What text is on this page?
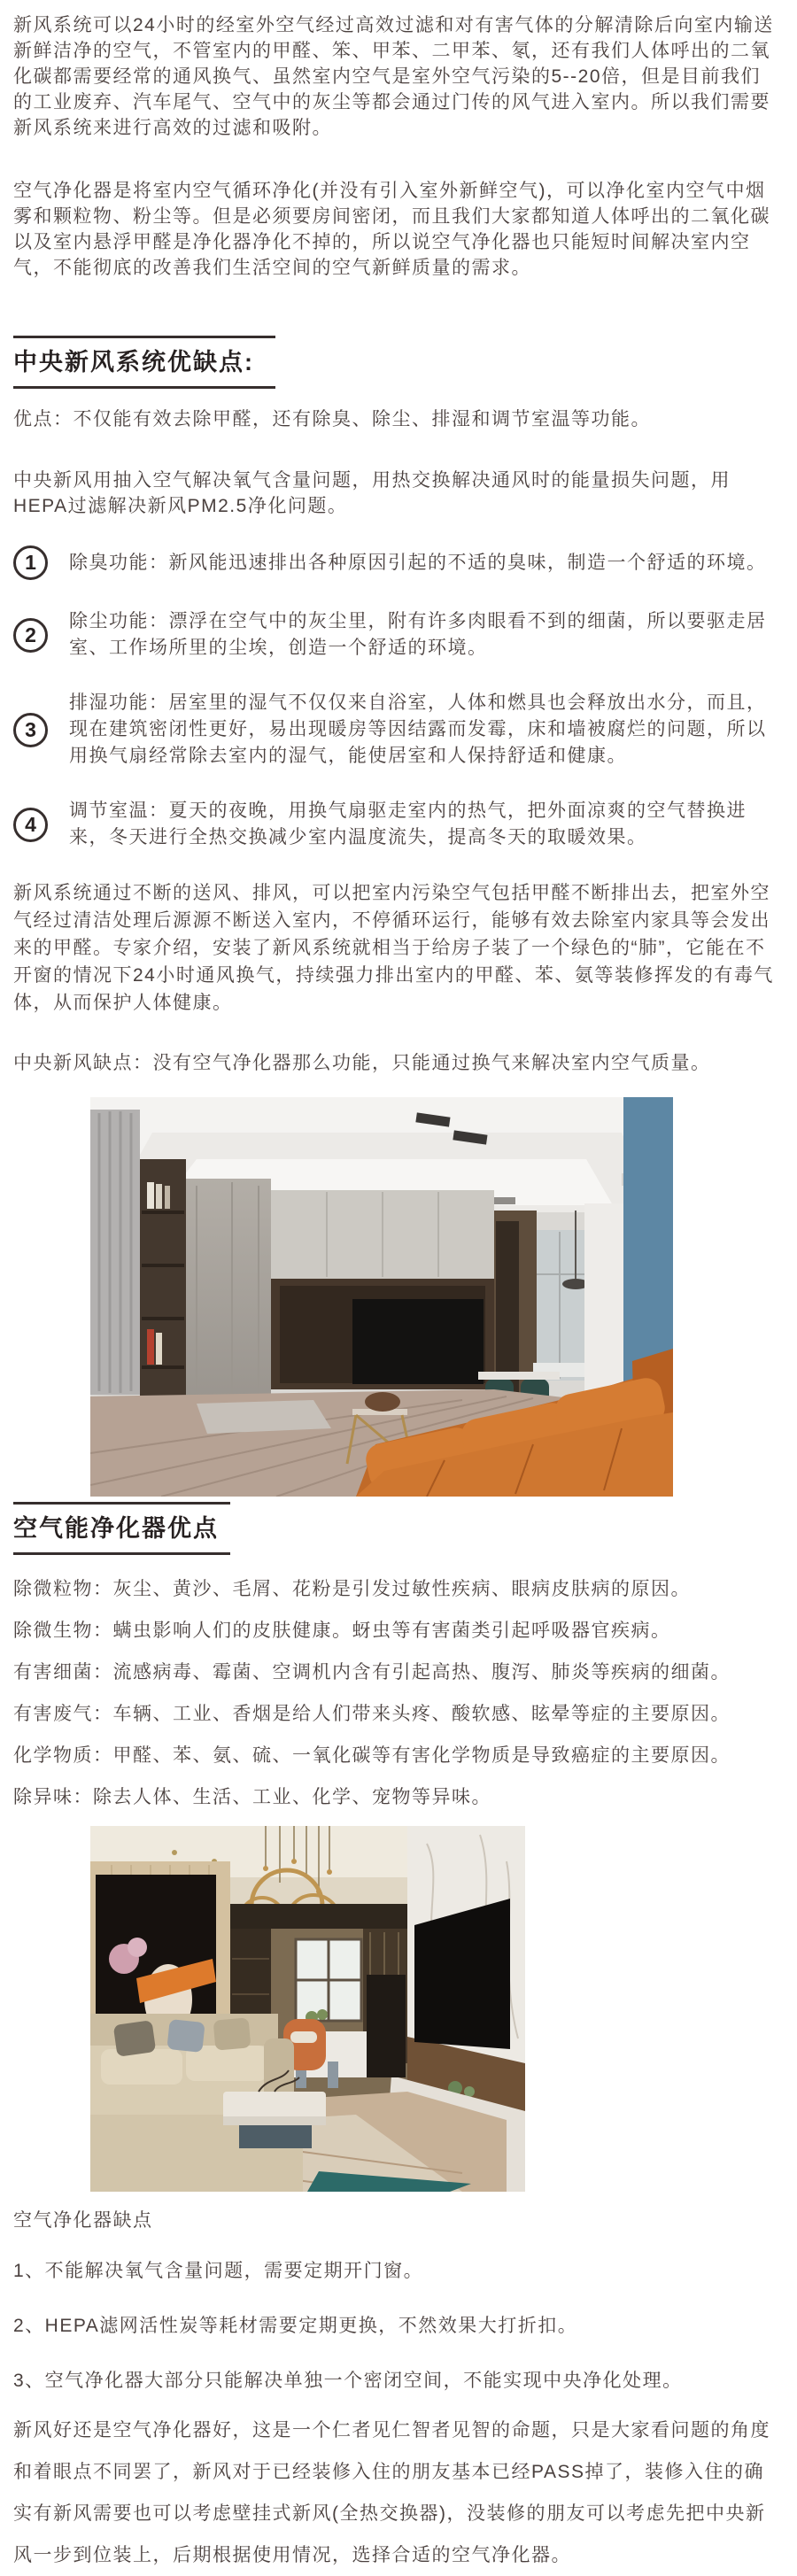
新风系统可以24小时的经室外空气经过高效过滤和对有害气体的分解清除后向室内输送新鲜洁净的空气，不管室内的甲醛、笨、甲苯、二甲苯、氡，还有我们人体呼出的二氧化碳都需要经常的通风换气、虽然室内空气是室外空气污染的5--20倍，但是目前我们的工业废弃、汽车尾气、空气中的灰尘等都会通过门传的风气进入室内。所以我们需要新风系统来进行高效的过滤和吸附。

空气净化器是将室内空气循环净化(并没有引入室外新鲜空气)，可以净化室内空气中烟雾和颗粒物、粉尘等。但是必须要房间密闭，而且我们大家都知道人体呼出的二氧化碳以及室内悬浮甲醛是净化器净化不掉的，所以说空气净化器也只能短时间解决室内空气，不能彻底的改善我们生活空间的空气新鲜质量的需求。

中央新风系统优缺点:

优点：不仅能有效去除甲醛，还有除臭、除尘、排湿和调节室温等功能。

中央新风用抽入空气解决氧气含量问题，用热交换解决通风时的能量损失问题，用HEPA过滤解决新风PM2.5净化问题。

1	除臭功能：新风能迅速排出各种原因引起的不适的臭味，制造一个舒适的环境。
2
除尘功能：漂浮在空气中的灰尘里，附有许多肉眼看不到的细菌，所以要驱走居室、工作场所里的尘埃，创造一个舒适的环境。
3
排湿功能：居室里的湿气不仅仅来自浴室，人体和燃具也会释放出水分，而且，现在建筑密闭性更好，易出现暖房等因结露而发霉，床和墙被腐烂的问题，所以用换气扇经常除去室内的湿气，能使居室和人保持舒适和健康。
4
调节室温：夏天的夜晚，用换气扇驱走室内的热气，把外面凉爽的空气替换进来，冬天进行全热交换减少室内温度流失，提高冬天的取暖效果。

新风系统通过不断的送风、排风，可以把室内污染空气包括甲醛不断排出去，把室外空气经过清洁处理后源源不断送入室内，不停循环运行，能够有效去除室内家具等会发出来的甲醛。专家介绍，安装了新风系统就相当于给房子装了一个绿色的“肺”，它能在不开窗的情况下24小时通风换气，持续强力排出室内的甲醛、苯、氨等装修挥发的有毒气体，从而保护人体健康。

中央新风缺点：没有空气净化器那么功能，只能通过换气来解决室内空气质量。

空气能净化器优点

除微粒物：灰尘、黄沙、毛屑、花粉是引发过敏性疾病、眼病皮肤病的原因。

除微生物：螨虫影响人们的皮肤健康。蚜虫等有害菌类引起呼吸器官疾病。

有害细菌：流感病毒、霉菌、空调机内含有引起高热、腹泻、肺炎等疾病的细菌。

有害废气：车辆、工业、香烟是给人们带来头疼、酸软感、眩晕等症的主要原因。

化学物质：甲醛、苯、氨、硫、一氧化碳等有害化学物质是导致癌症的主要原因。

除异味：除去人体、生活、工业、化学、宠物等异味。

空气净化器缺点

1、不能解决氧气含量问题，需要定期开门窗。

2、HEPA滤网活性炭等耗材需要定期更换，不然效果大打折扣。

3、空气净化器大部分只能解决单独一个密闭空间，不能实现中央净化处理。

新风好还是空气净化器好，这是一个仁者见仁智者见智的命题，只是大家看问题的角度和着眼点不同罢了，新风对于已经装修入住的朋友基本已经PASS掉了，装修入住的确实有新风需要也可以考虑壁挂式新风(全热交换器)，没装修的朋友可以考虑先把中央新风一步到位装上，后期根据使用情况，选择合适的空气净化器。
